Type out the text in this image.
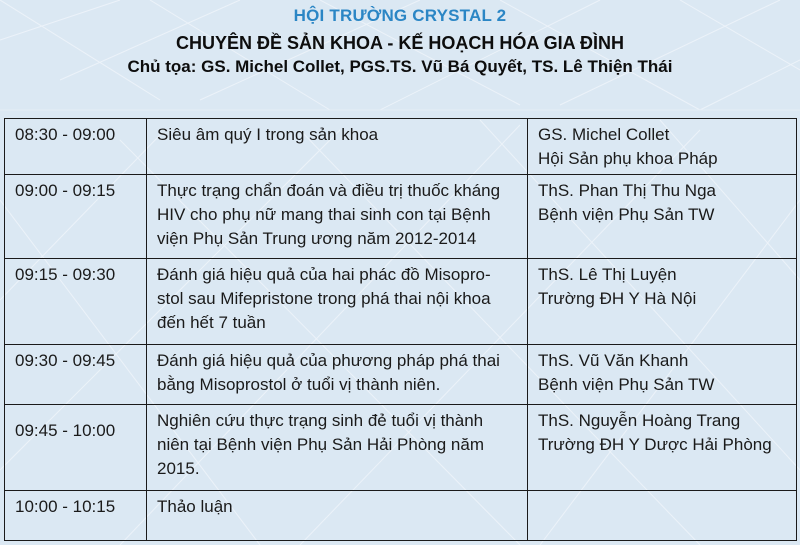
HỘI TRƯỜNG CRYSTAL 2
CHUYÊN ĐỀ SẢN KHOA - KẾ HOẠCH HÓA GIA ĐÌNH
Chủ tọa: GS. Michel Collet, PGS.TS. Vũ Bá Quyết, TS. Lê Thiện Thái
08:30 - 09:00	Siêu âm quý I trong sản khoa	GS. Michel Collet
Hội Sản phụ khoa Pháp

09:00 - 09:15	Thực trạng chẩn đoán và điều trị thuốc kháng
HIV cho phụ nữ mang thai sinh con tại Bệnh
viện Phụ Sản Trung ương năm 2012-2014	ThS. Phan Thị Thu Nga
Bệnh viện Phụ Sản TW

09:15 - 09:30	Đánh giá hiệu quả của hai phác đồ Misopro-
stol sau Mifepristone trong phá thai nội khoa
đến hết 7 tuần	ThS. Lê Thị Luyện
Trường ĐH Y Hà Nội

09:30 - 09:45	Đánh giá hiệu quả của phương pháp phá thai
bằng Misoprostol ở tuổi vị thành niên.	ThS. Vũ Văn Khanh
Bệnh viện Phụ Sản TW

09:45 - 10:00	Nghiên cứu thực trạng sinh đẻ tuổi vị thành
niên tại Bệnh viện Phụ Sản Hải Phòng năm
2015.	ThS. Nguyễn Hoàng Trang
Trường ĐH Y Dược Hải Phòng

10:00 - 10:15	Thảo luận	
